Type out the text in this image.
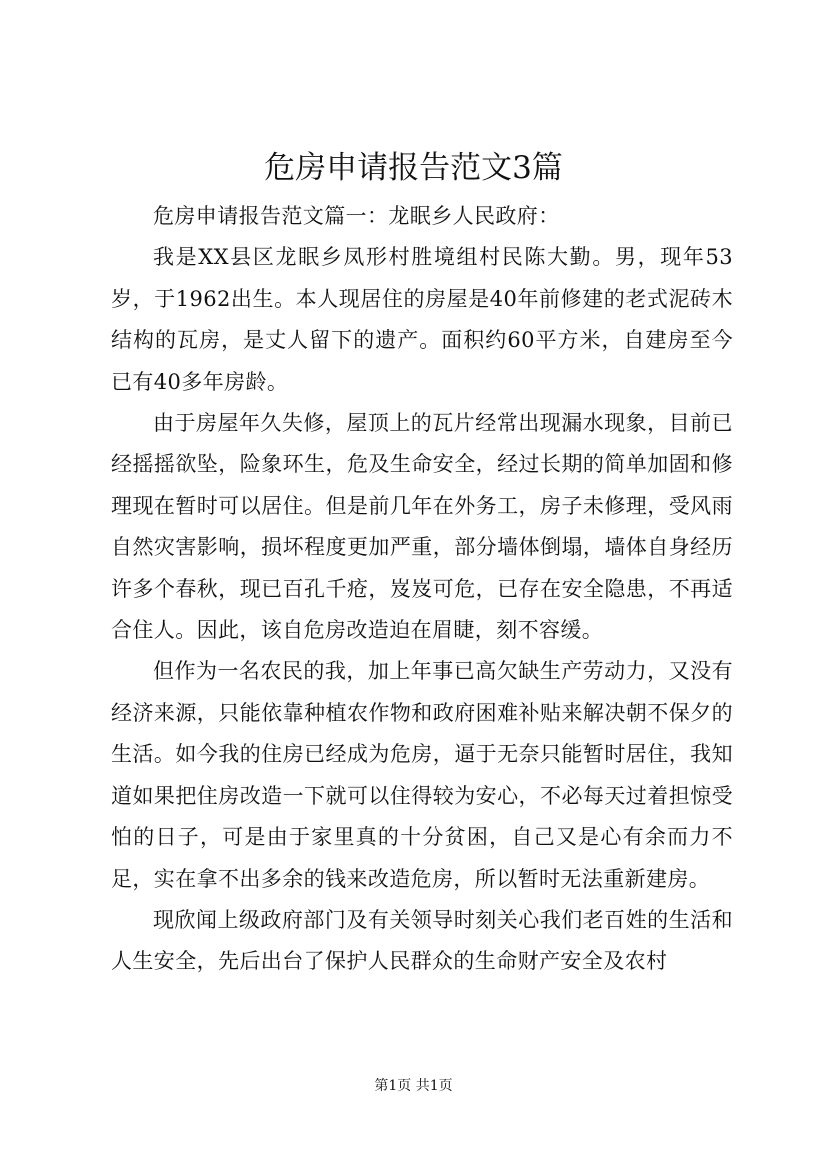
危房申请报告范文3篇

危房申请报告范文篇一：龙眠乡人民政府：

我是XX县区龙眠乡凤形村胜境组村民陈大勤。男，现年53岁，于1962出生。本人现居住的房屋是40年前修建的老式泥砖木结构的瓦房，是丈人留下的遗产。面积约60平方米，自建房至今已有40多年房龄。

由于房屋年久失修，屋顶上的瓦片经常出现漏水现象，目前已经摇摇欲坠，险象环生，危及生命安全，经过长期的简单加固和修理现在暂时可以居住。但是前几年在外务工，房子未修理，受风雨自然灾害影响，损坏程度更加严重，部分墙体倒塌，墙体自身经历许多个春秋，现已百孔千疮，岌岌可危，已存在安全隐患，不再适合住人。因此，该自危房改造迫在眉睫，刻不容缓。

但作为一名农民的我，加上年事已高欠缺生产劳动力，又没有经济来源，只能依靠种植农作物和政府困难补贴来解决朝不保夕的生活。如今我的住房已经成为危房，逼于无奈只能暂时居住，我知道如果把住房改造一下就可以住得较为安心，不必每天过着担惊受怕的日子，可是由于家里真的十分贫困，自己又是心有余而力不足，实在拿不出多余的钱来改造危房，所以暂时无法重新建房。

现欣闻上级政府部门及有关领导时刻关心我们老百姓的生活和人生安全，先后出台了保护人民群众的生命财产安全及农村

第1页 共1页
